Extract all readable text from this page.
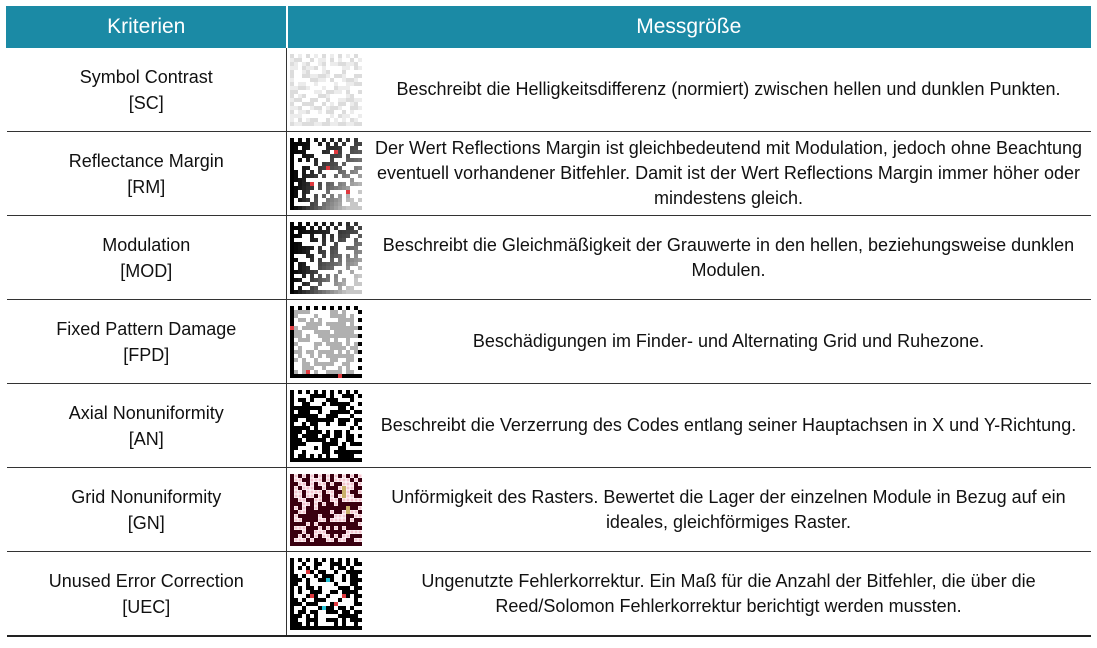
Kriterien	Messgröße	
Symbol Contrast
[SC]		Beschreibt die Helligkeitsdifferenz (normiert) zwischen hellen und dunklen Punkten.
Reflectance Margin
[RM]		Der Wert Reflections Margin ist gleichbedeutend mit Modulation, jedoch ohne Beachtung eventuell vorhandener Bitfehler. Damit ist der Wert Reflections Margin immer höher oder mindestens gleich.
Modulation
[MOD]		Beschreibt die Gleichmäßigkeit der Grauwerte in den hellen, beziehungsweise dunklen Modulen.
Fixed Pattern Damage
[FPD]		Beschädigungen im Finder- und Alternating Grid und Ruhezone.
Axial Nonuniformity
[AN]		Beschreibt die Verzerrung des Codes entlang seiner Hauptachsen in X und Y-Richtung.
Grid Nonuniformity
[GN]		Unförmigkeit des Rasters. Bewertet die Lager der einzelnen Module in Bezug auf ein ideales, gleichförmiges Raster.
Unused Error Correction
[UEC]		Ungenutzte Fehlerkorrektur. Ein Maß für die Anzahl der Bitfehler, die über die Reed/Solomon Fehlerkorrektur berichtigt werden mussten.
